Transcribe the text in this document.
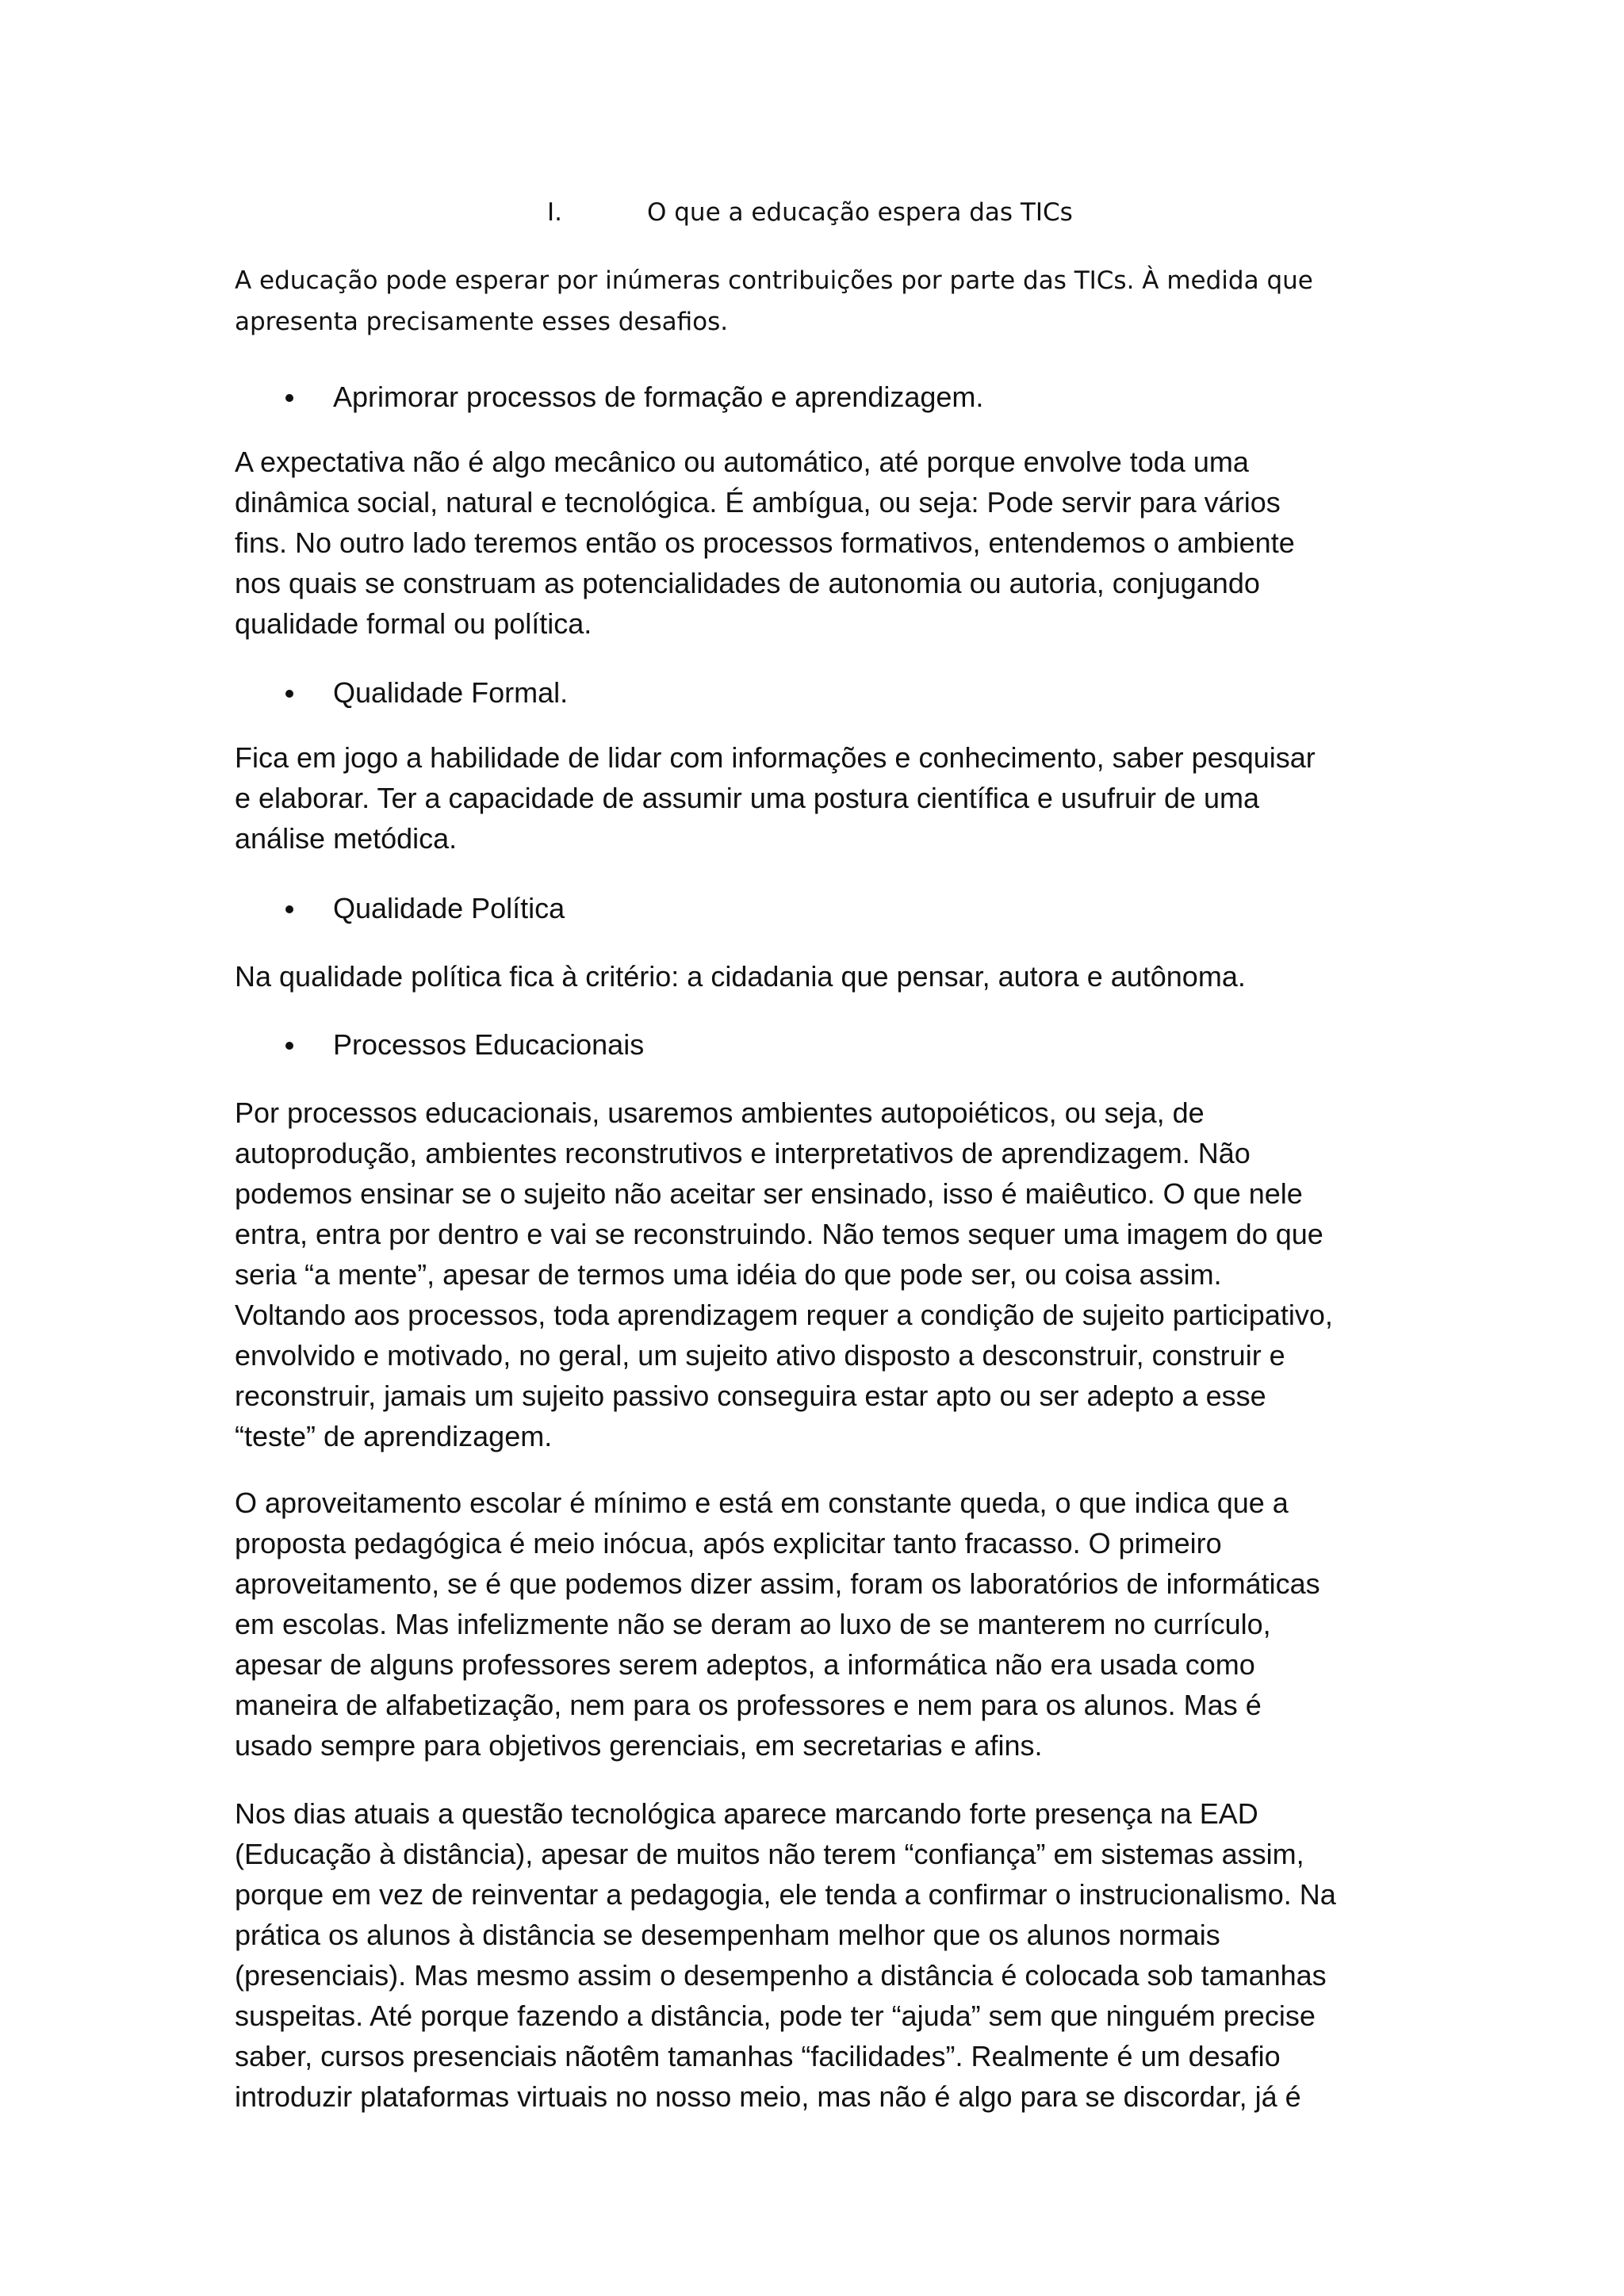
I.	O que a educação espera das TICs

A educação pode esperar por inúmeras contribuições por parte das TICs. À medida que

apresenta precisamente esses desafios.

Aprimorar processos de formação e aprendizagem.
A expectativa não é algo mecânico ou automático, até porque envolve toda uma
dinâmica social, natural e tecnológica. É ambígua, ou seja: Pode servir para vários
fins. No outro lado teremos então os processos formativos, entendemos o ambiente
nos quais se construam as potencialidades de autonomia ou autoria, conjugando
qualidade formal ou política.
Qualidade Formal.
Fica em jogo a habilidade de lidar com informações e conhecimento, saber pesquisar
e elaborar. Ter a capacidade de assumir uma postura científica e usufruir de uma
análise metódica.
Qualidade Política
Na qualidade política fica à critério: a cidadania que pensar, autora e autônoma.
Processos Educacionais
Por processos educacionais, usaremos ambientes autopoiéticos, ou seja, de
autoprodução, ambientes reconstrutivos e interpretativos de aprendizagem. Não
podemos ensinar se o sujeito não aceitar ser ensinado, isso é maiêutico. O que nele
entra, entra por dentro e vai se reconstruindo. Não temos sequer uma imagem do que
seria “a mente”, apesar de termos uma idéia do que pode ser, ou coisa assim.
Voltando aos processos, toda aprendizagem requer a condição de sujeito participativo,
envolvido e motivado, no geral, um sujeito ativo disposto a desconstruir, construir e
reconstruir, jamais um sujeito passivo conseguira estar apto ou ser adepto a esse
“teste” de aprendizagem.
O aproveitamento escolar é mínimo e está em constante queda, o que indica que a
proposta pedagógica é meio inócua, após explicitar tanto fracasso. O primeiro
aproveitamento, se é que podemos dizer assim, foram os laboratórios de informáticas
em escolas. Mas infelizmente não se deram ao luxo de se manterem no currículo,
apesar de alguns professores serem adeptos, a informática não era usada como
maneira de alfabetização, nem para os professores e nem para os alunos. Mas é
usado sempre para objetivos gerenciais, em secretarias e afins.
Nos dias atuais a questão tecnológica aparece marcando forte presença na EAD
(Educação à distância), apesar de muitos não terem “confiança” em sistemas assim,
porque em vez de reinventar a pedagogia, ele tenda a confirmar o instrucionalismo. Na
prática os alunos à distância se desempenham melhor que os alunos normais
(presenciais). Mas mesmo assim o desempenho a distância é colocada sob tamanhas
suspeitas. Até porque fazendo a distância, pode ter “ajuda” sem que ninguém precise
saber, cursos presenciais nãotêm tamanhas “facilidades”. Realmente é um desafio
introduzir plataformas virtuais no nosso meio, mas não é algo para se discordar, já é
